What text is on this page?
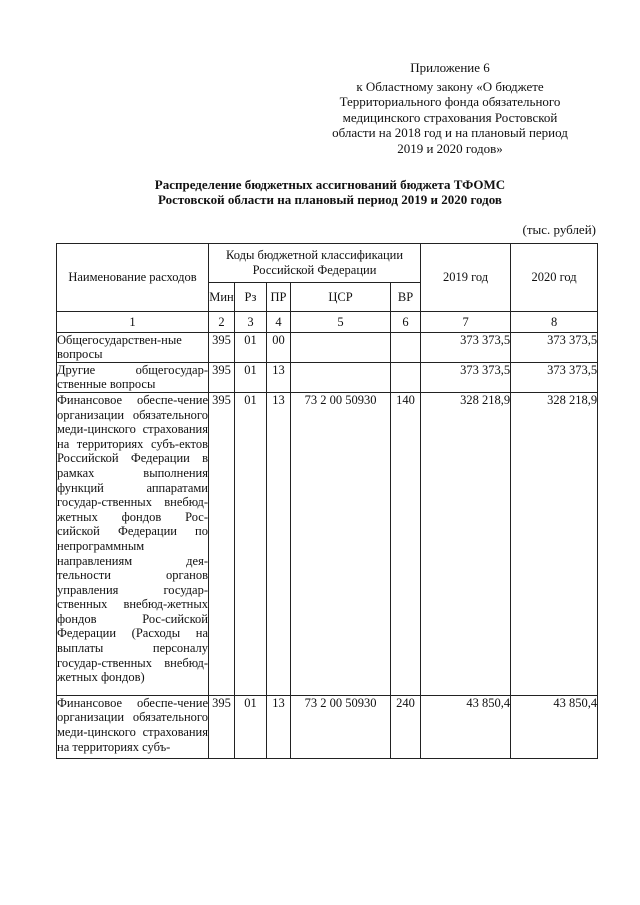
Приложение 6
к Областному закону «О бюджете
Территориального фонда обязательного
медицинского страхования Ростовской
области на 2018 год и на плановый период
2019 и 2020 годов»
Распределение бюджетных ассигнований бюджета ТФОМС
Ростовской области на плановый период 2019 и 2020 годов
(тыс. рублей)
Наименование расходов	Коды бюджетной классификации Российской Федерации					2019 год	2020 год
	Мин	Рз	ПР	ЦСР	ВР		
1	2	3	4	5	6	7	8
Общегосударствен-ные вопросы	395	01	00			373 373,5	373 373,5
Другие общегосудар-ственные вопросы	395	01	13			373 373,5	373 373,5
Финансовое обеспе-чение организации обязательного меди-цинского страхования на территориях субъ-ектов Российской Федерации в рамках выполнения функций аппаратами государ-ственных внебюд-жетных фондов Рос-сийской Федерации по непрограммным направлениям дея-тельности органов управления государ-ственных внебюд-жетных фондов Рос-сийской Федерации (Расходы на выплаты персоналу государ-ственных внебюд-жетных фондов)	395	01	13	73 2 00 50930	140	328 218,9	328 218,9
Финансовое обеспе-чение организации обязательного меди-цинского страхования на территориях субъ-	395	01	13	73 2 00 50930	240	43 850,4	43 850,4
